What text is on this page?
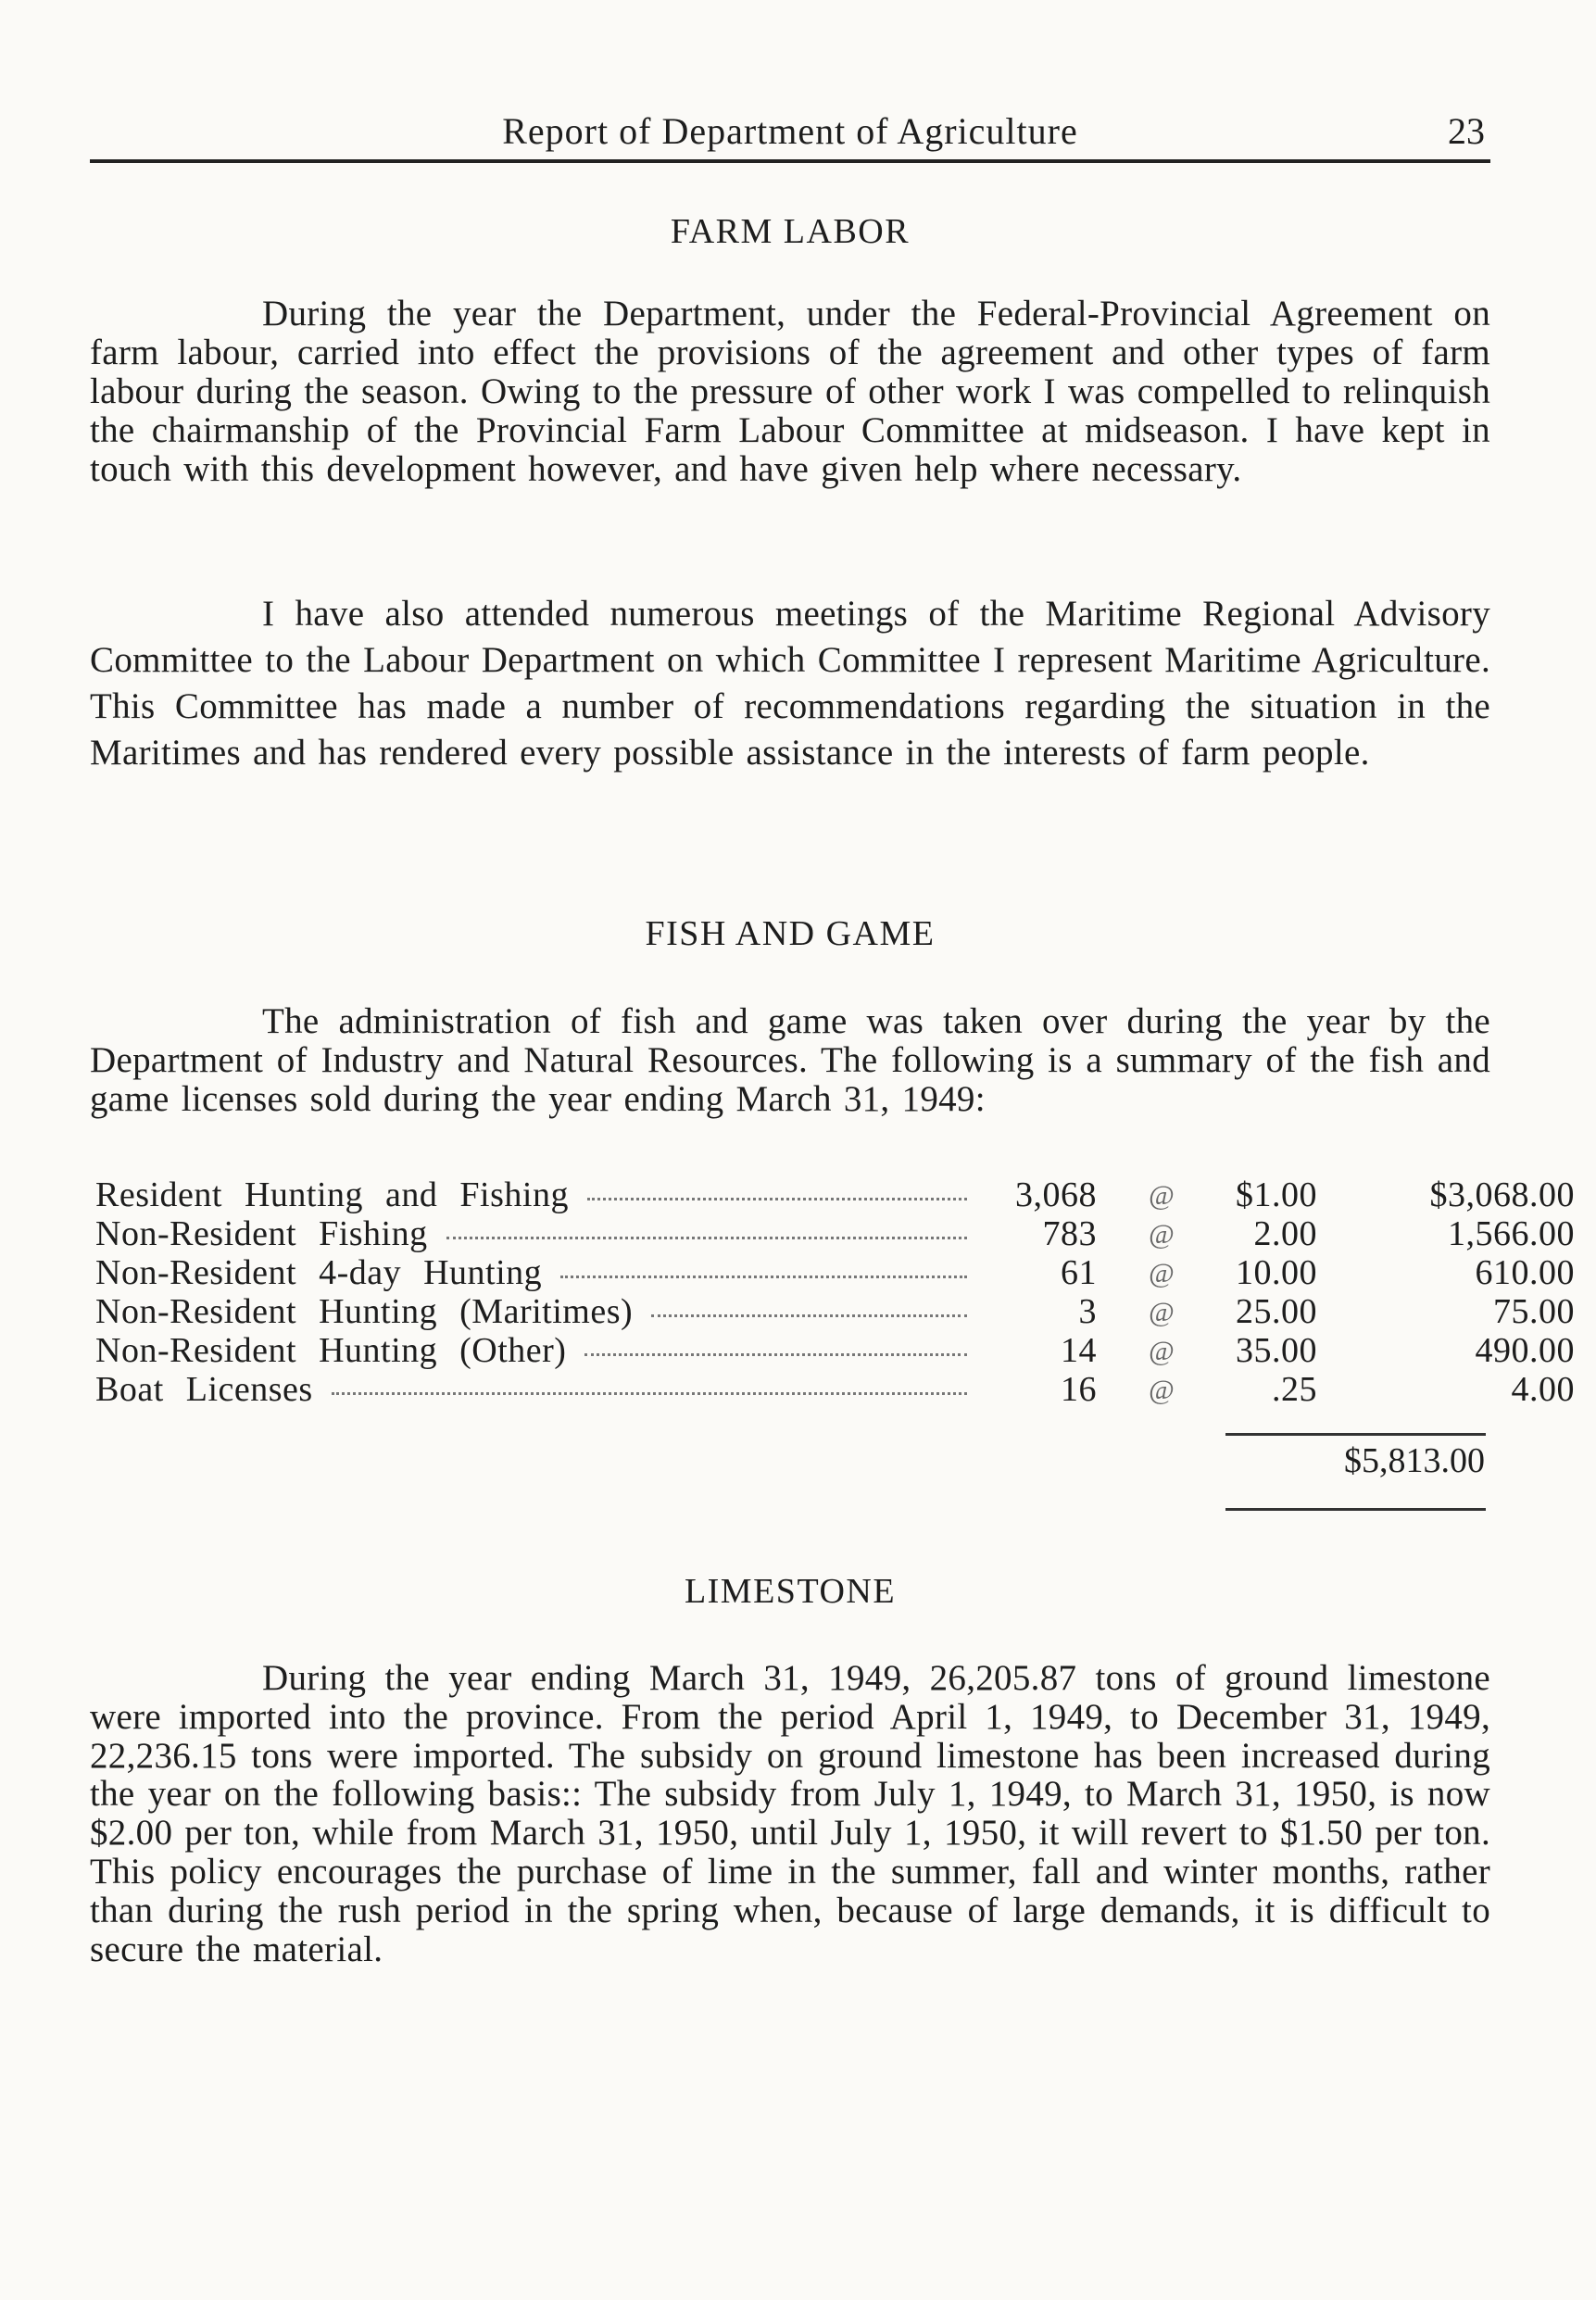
Report of Department of Agriculture	23
FARM LABOR

During the year the Department, under the Federal-Provincial Agreement on farm labour, carried into effect the provisions of the agreement and other types of farm labour during the season. Owing to the pressure of other work I was compelled to relinquish the chairmanship of the Provincial Farm Labour Committee at midseason. I have kept in touch with this development however, and have given help where necessary.

I have also attended numerous meetings of the Maritime Regional Advisory Committee to the Labour Department on which Committee I represent Maritime Agriculture. This Committee has made a number of recommendations regarding the situation in the Maritimes and has rendered every possible assistance in the interests of farm people.

FISH AND GAME

The administration of fish and game was taken over during the year by the Department of Industry and Natural Resources. The following is a summary of the fish and game licenses sold during the year ending March 31, 1949:

Resident Hunting and Fishing	3,068 @	$1.00	$3,068.00
Non-Resident Fishing	783 @	2.00	1,566.00
Non-Resident 4-day Hunting	61 @	10.00	610.00
Non-Resident Hunting (Maritimes)	3 @	25.00	75.00
Non-Resident Hunting (Other)	14 @	35.00	490.00
Boat Licenses	16 @	.25	4.00
$5,813.00
LIMESTONE

During the year ending March 31, 1949, 26,205.87 tons of ground limestone were imported into the province. From the period April 1, 1949, to December 31, 1949, 22,236.15 tons were imported. The subsidy on ground limestone has been increased during the year on the following basis:: The subsidy from July 1, 1949, to March 31, 1950, is now $2.00 per ton, while from March 31, 1950, until July 1, 1950, it will revert to $1.50 per ton. This policy encourages the purchase of lime in the summer, fall and winter months, rather than during the rush period in the spring when, because of large demands, it is difficult to secure the material.
